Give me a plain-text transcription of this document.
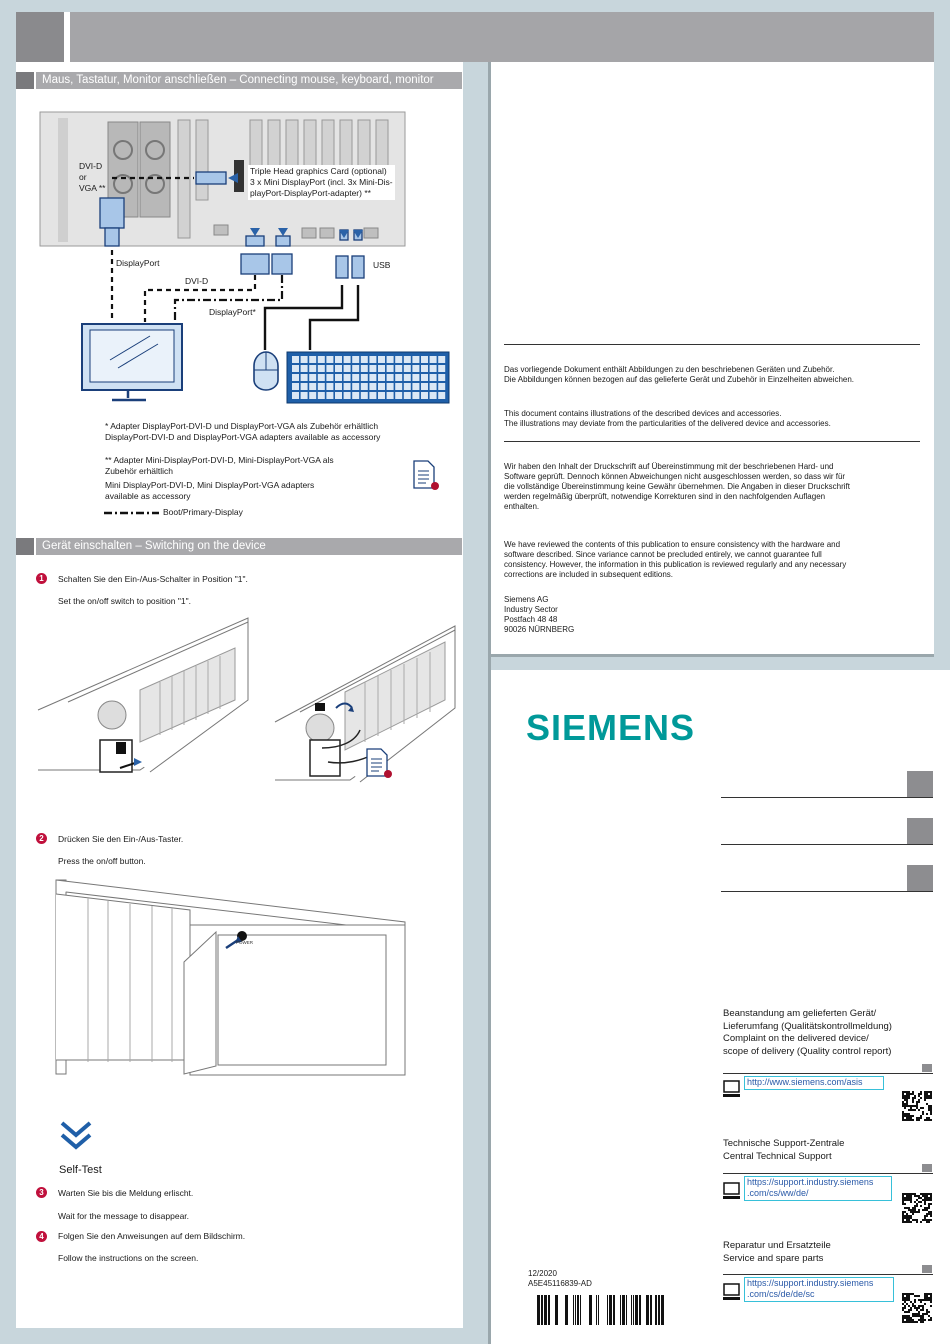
Maus, Tastatur, Monitor anschließen – Connecting mouse, keyboard, monitor
DVI-D
or
VGA **
Triple Head graphics Card (optional)
3 x Mini DisplayPort (incl. 3x Mini-Dis-
playPort-DisplayPort-adapter) **
DisplayPort	USB
DVI-D
DisplayPort*
* Adapter DisplayPort-DVI-D und DisplayPort-VGA als Zubehör erhältlich
DisplayPort-DVI-D and DisplayPort-VGA adapters available as accessory
** Adapter Mini-DisplayPort-DVI-D, Mini-DisplayPort-VGA als
Zubehör erhältlich
Mini DisplayPort-DVI-D, Mini DisplayPort-VGA adapters
available as accessory
Boot/Primary-Display
Gerät einschalten – Switching on the device
1	Schalten Sie den Ein-/Aus-Schalter in Position "1".
Set the on/off switch to position "1".
2	Drücken Sie den Ein-/Aus-Taster.
Press the on/off button.
POWER
Self-Test
3	Warten Sie bis die Meldung erlischt.
Wait for the message to disappear.
4	Folgen Sie den Anweisungen auf dem Bildschirm.
Follow the instructions on the screen.
Das vorliegende Dokument enthält Abbildungen zu den beschriebenen Geräten und Zubehör.
Die Abbildungen können bezogen auf das gelieferte Gerät und Zubehör in Einzelheiten abweichen.
This document contains illustrations of the described devices and accessories.
The illustrations may deviate from the particularities of the delivered device and accessories.
Wir haben den Inhalt der Druckschrift auf Übereinstimmung mit der beschriebenen Hard- und
Software geprüft. Dennoch können Abweichungen nicht ausgeschlossen werden, so dass wir für
die vollständige Übereinstimmung keine Gewähr übernehmen. Die Angaben in dieser Druckschrift
werden regelmäßig überprüft, notwendige Korrekturen sind in den nachfolgenden Auflagen
enthalten.
We have reviewed the contents of this publication to ensure consistency with the hardware and
software described. Since variance cannot be precluded entirely, we cannot guarantee full
consistency. However, the information in this publication is reviewed regularly and any necessary
corrections are included in subsequent editions.
Siemens AG
Industry Sector
Postfach 48 48
90026 NÜRNBERG
SIEMENS
Beanstandung am gelieferten Gerät/
Lieferumfang (Qualitätskontrollmeldung)
Complaint on the delivered device/
scope of delivery (Quality control report)
http://www.siemens.com/asis
Technische Support-Zentrale
Central Technical Support
https://support.industry.siemens
.com/cs/ww/de/
Reparatur und Ersatzteile
Service and spare parts
https://support.industry.siemens
.com/cs/de/de/sc
12/2020
A5E45116839-AD
